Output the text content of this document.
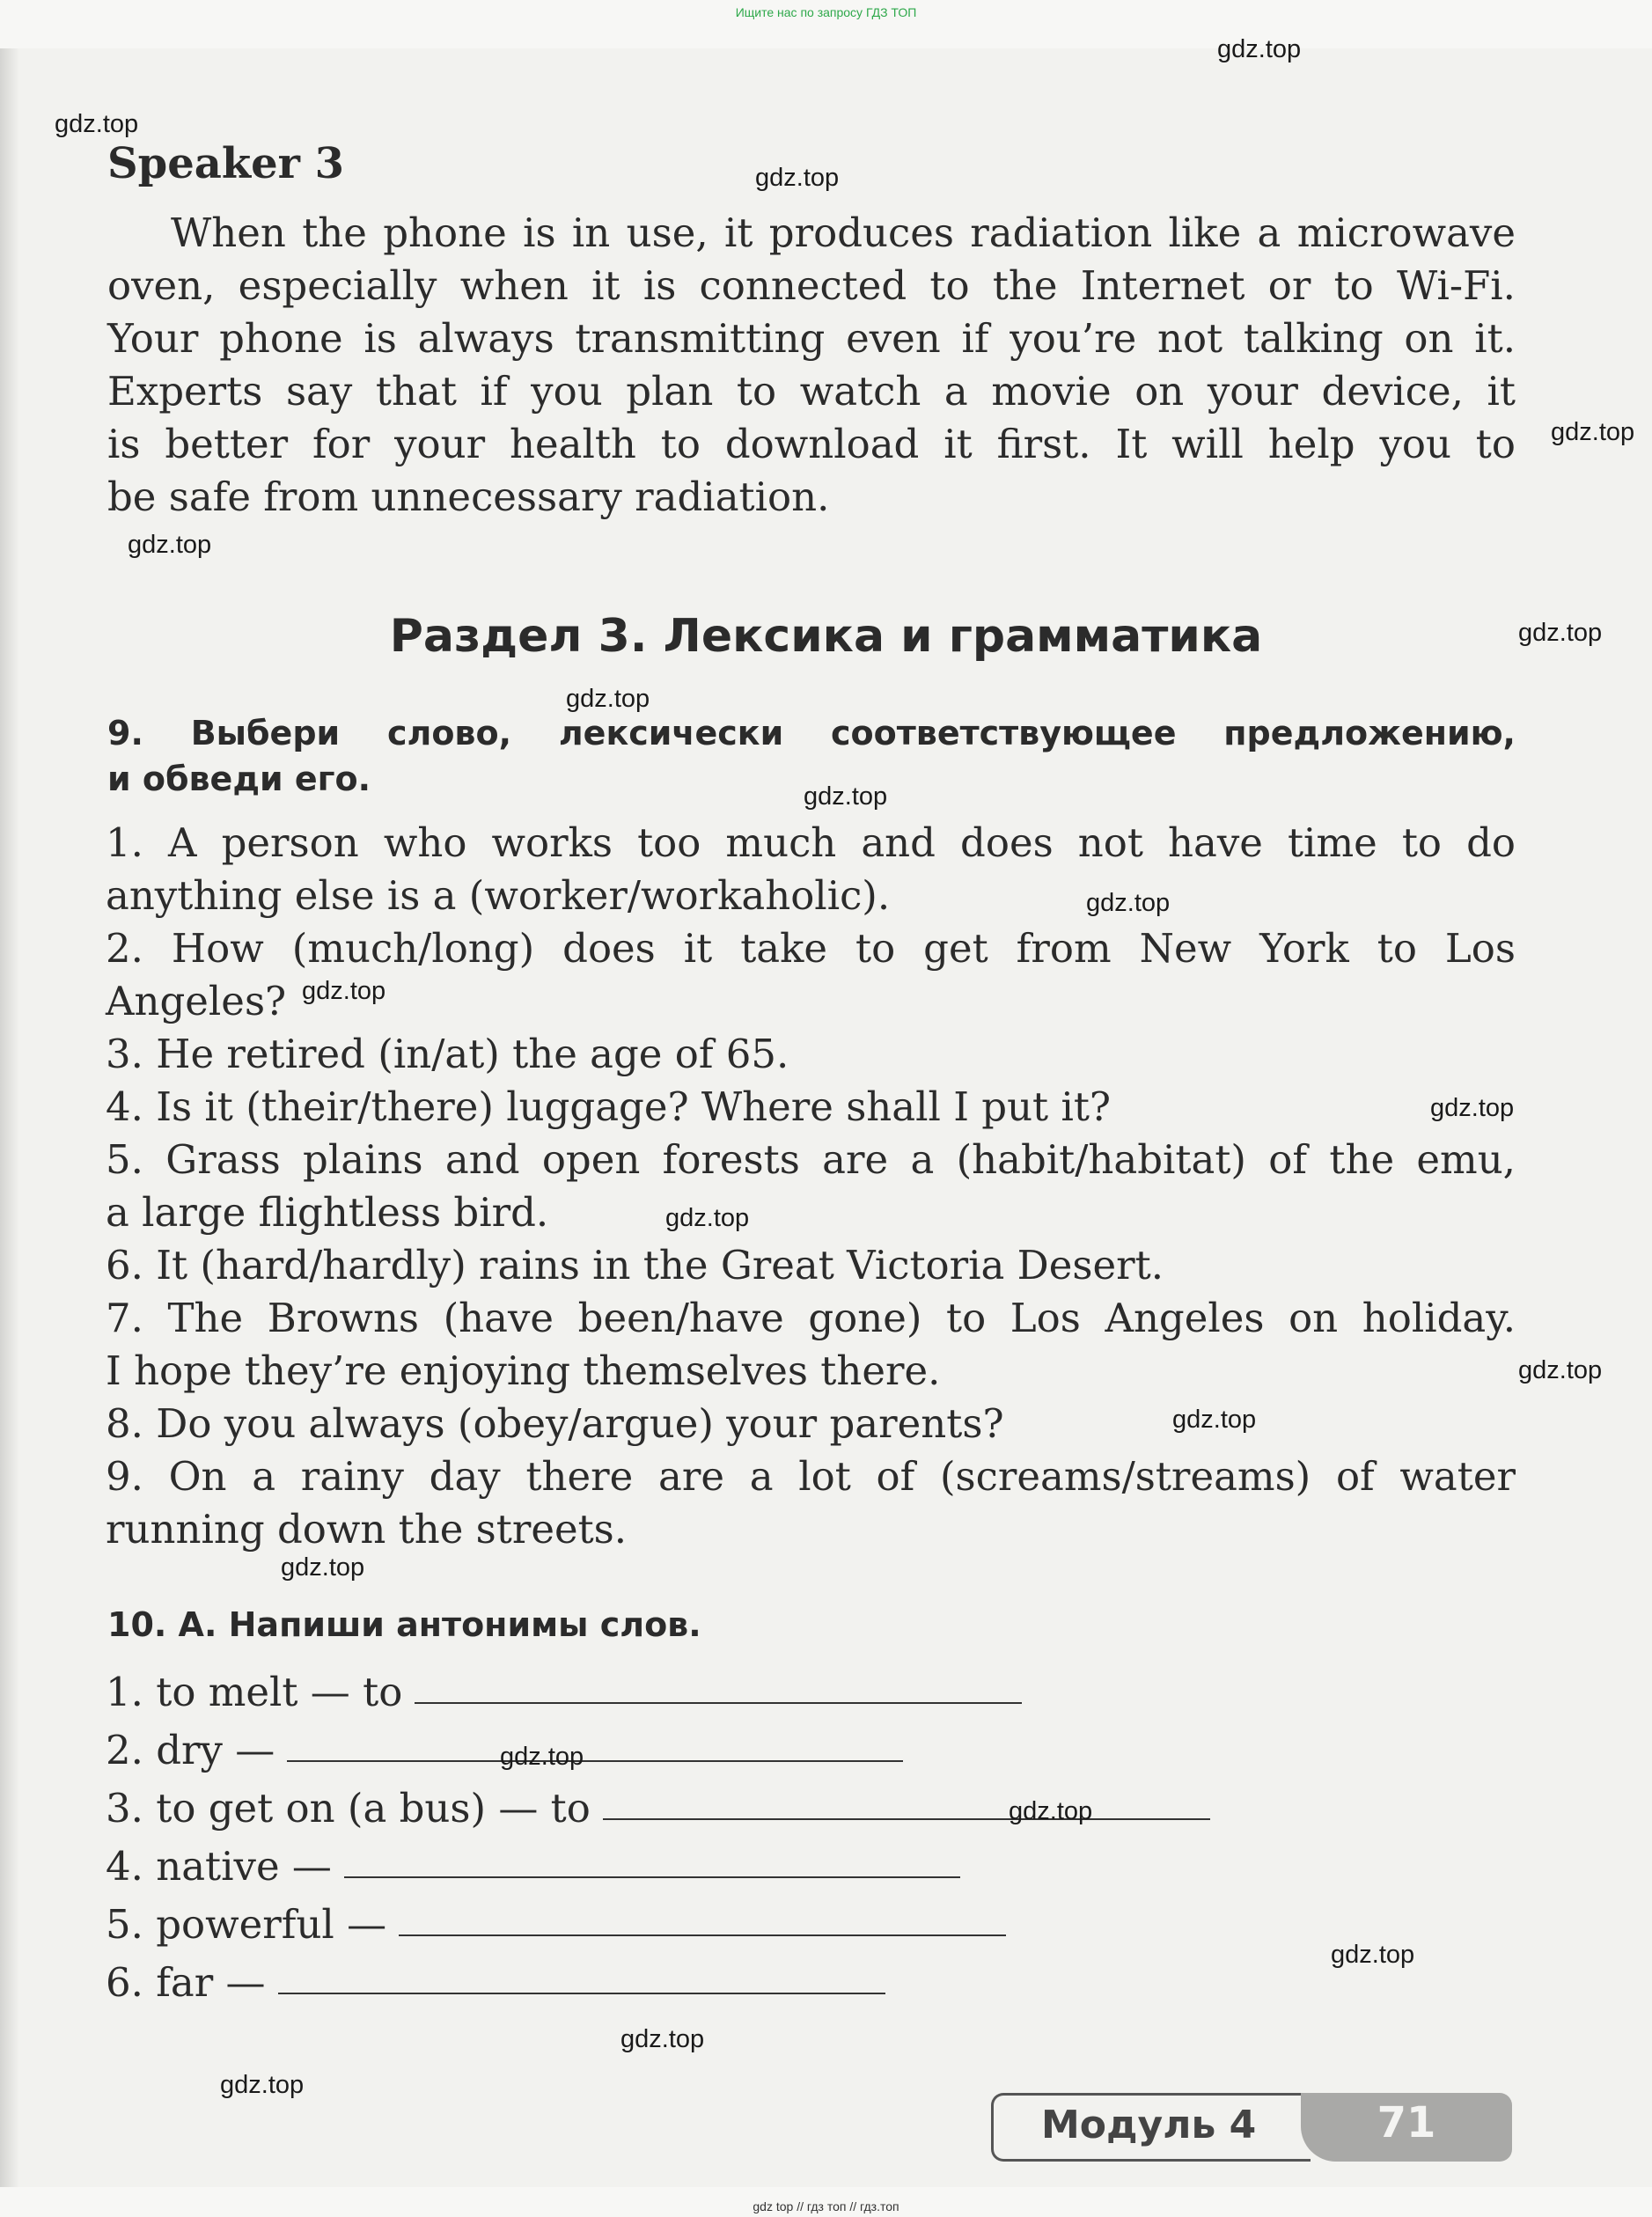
Ищите нас по запросу ГДЗ ТОП
Speaker 3
When the phone is in use, it produces radiation like a microwave
oven, especially when it is connected to the Internet or to Wi-Fi.
Your phone is always transmitting even if you’re not talking on it.
Experts say that if you plan to watch a movie on your device, it
is better for your health to download it first. It will help you to
be safe from unnecessary radiation.
Раздел 3. Лексика и грамматика
9. Выбери слово, лексически соответствующее предложению,
и обведи его.
1. A person who works too much and does not have time to do
anything else is a (worker/workaholic).
2. How (much/long) does it take to get from New York to Los
Angeles?
3. He retired (in/at) the age of 65.
4. Is it (their/there) luggage? Where shall I put it?
5. Grass plains and open forests are a (habit/habitat) of the emu,
a large flightless bird.
6. It (hard/hardly) rains in the Great Victoria Desert.
7. The Browns (have been/have gone) to Los Angeles on holiday.
I hope they’re enjoying themselves there.
8. Do you always (obey/argue) your parents?
9. On a rainy day there are a lot of (screams/streams) of water
running down the streets.
10. А. Напиши антонимы слов.
1. to melt — to
2. dry —
3. to get on (a bus) — to
4. native —
5. powerful —
6. far —
Модуль 4	71
gdz.top
gdz.top
gdz.top
gdz.top
gdz.top
gdz.top
gdz.top
gdz.top
gdz.top
gdz.top
gdz.top
gdz.top
gdz.top
gdz.top
gdz.top
gdz.top
gdz.top
gdz.top
gdz.top
gdz.top
gdz top // гдз топ // гдз.топ
